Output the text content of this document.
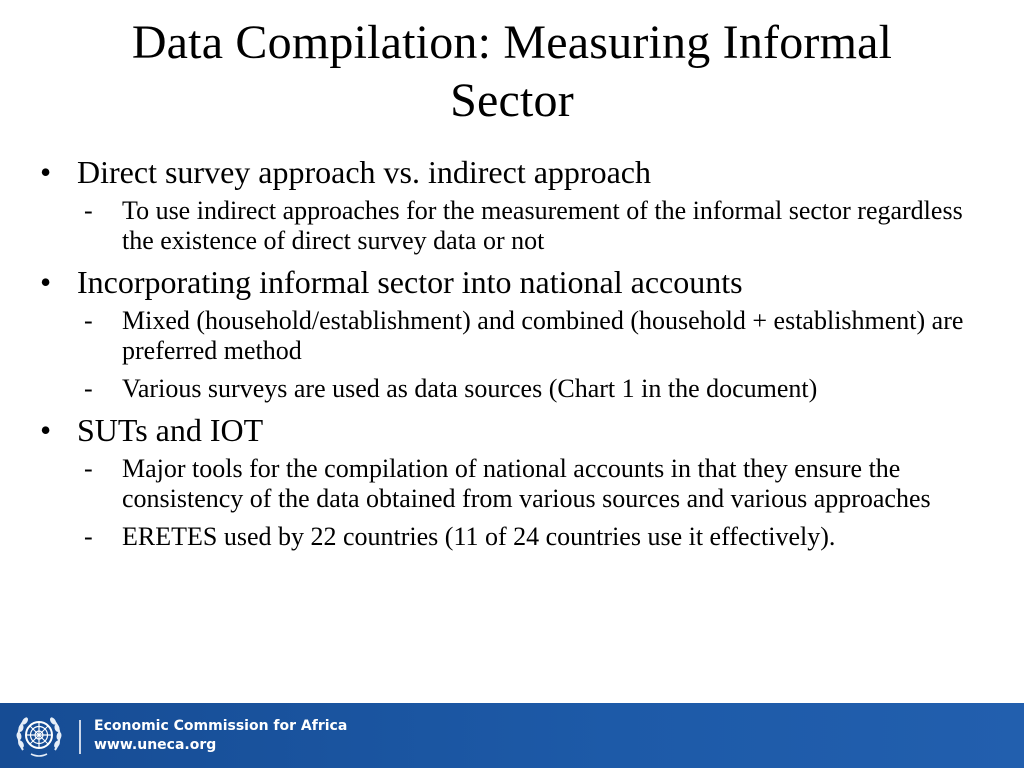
Data Compilation: Measuring Informal
Sector
• Direct survey approach vs. indirect approach
- To use indirect approaches for the measurement of the informal sector regardless the existence of direct survey data or not
• Incorporating informal sector into national accounts
- Mixed (household/establishment) and combined (household + establishment) are preferred method
- Various surveys are used as data sources (Chart 1 in the document)
• SUTs and IOT
- Major tools for the compilation of national accounts in that they ensure the consistency of the data obtained from various sources and various approaches
- ERETES used by 22 countries (11 of 24 countries use it effectively).
Economic Commission for Africa
www.uneca.org
